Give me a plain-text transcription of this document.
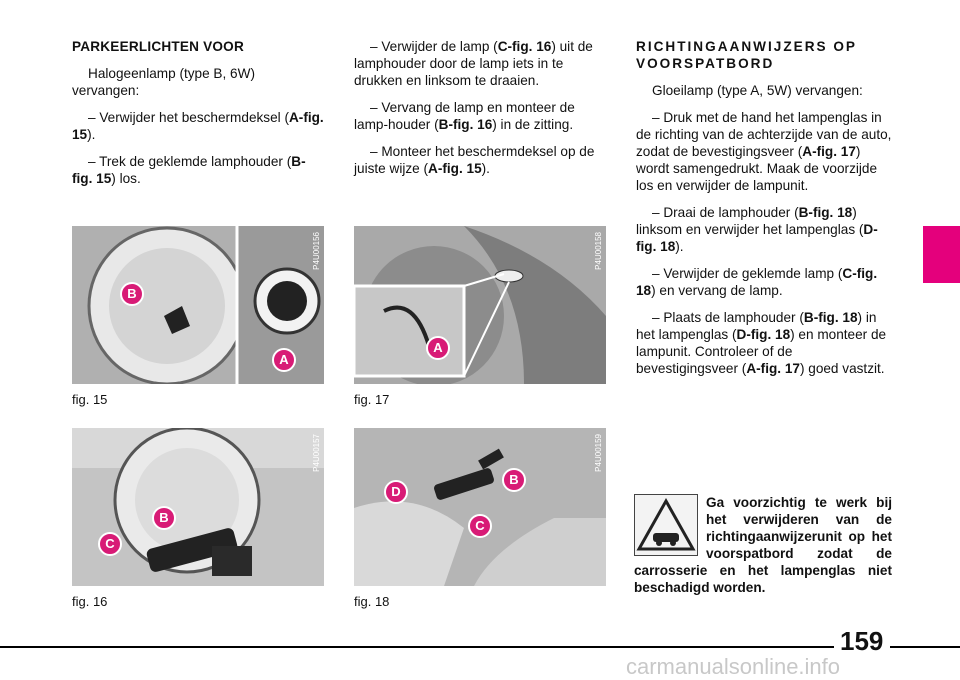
PARKEERLICHTEN VOOR

Halogeenlamp (type B, 6W) vervangen:

– Verwijder het beschermdeksel (A-fig. 15).

– Trek de geklemde lamphouder (B-fig. 15) los.

– Verwijder de lamp (C-fig. 16) uit de lamphouder door de lamp iets in te drukken en linksom te draaien.

– Vervang de lamp en monteer de lamp-houder (B-fig. 16) in de zitting.

– Monteer het beschermdeksel op de juiste wijze (A-fig. 15).

RICHTINGAANWIJZERS OP VOORSPATBORD

Gloeilamp (type A, 5W) vervangen:

– Druk met de hand het lampenglas in de richting van de achterzijde van de auto, zodat de bevestigingsveer (A-fig. 17) wordt samengedrukt. Maak de voorzijde los en verwijder de lampunit.

– Draai de lamphouder (B-fig. 18) linksom en verwijder het lampenglas (D-fig. 18).

– Verwijder de geklemde lamp (C-fig. 18) en vervang de lamp.

– Plaats de lamphouder (B-fig. 18) in het lampenglas (D-fig. 18) en monteer de lampunit. Controleer of de bevestigingsveer (A-fig. 17) goed vastzit.

B
A
P4U00156
fig. 15
B
C
P4U00157
fig. 16
A
P4U00158
fig. 17
D
B
C
P4U00159
fig. 18
Ga voorzichtig te werk bij het verwijderen van de richtingaanwijzerunit op het voorspatbord zodat de carrosserie en het lampenglas niet beschadigd worden.
159
carmanualsonline.info
